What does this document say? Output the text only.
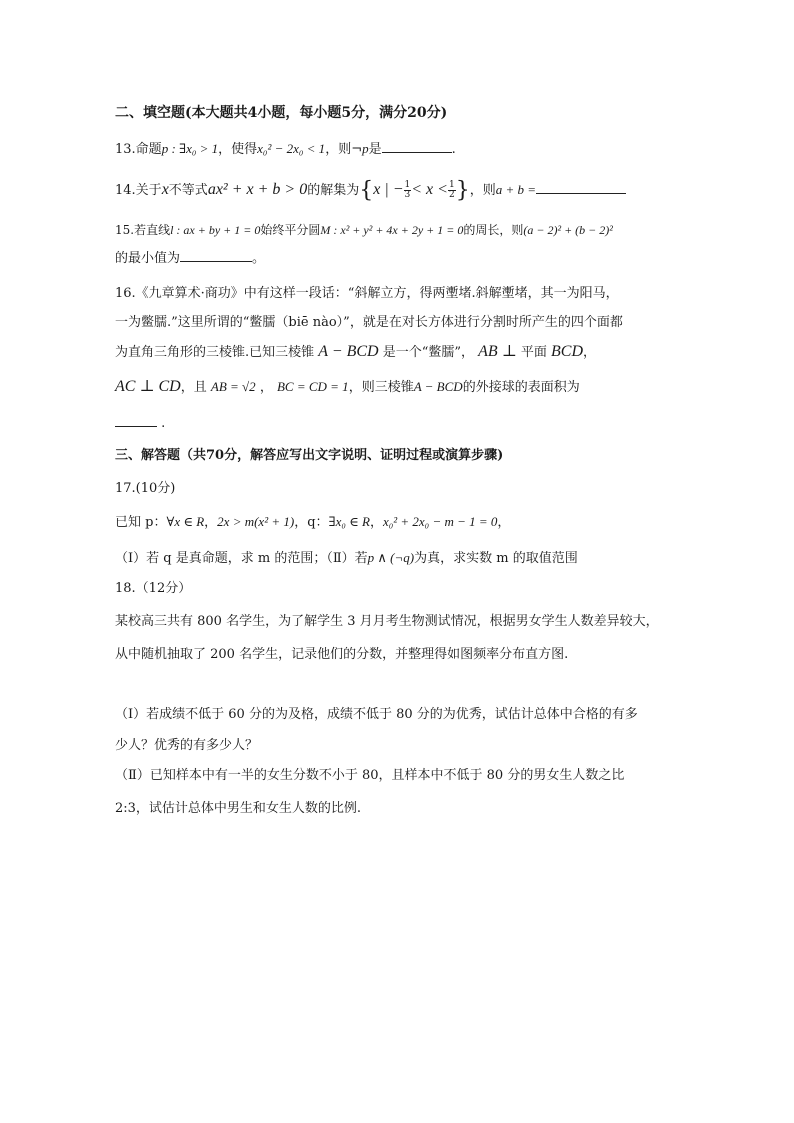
二、填空题(本大题共4小题，每小题5分，满分20分)
13.命题p : ∃x₀ > 1，使得x₀² − 2x₀ < 1，则¬p是	.
14.关于x不等式ax² + x + b > 0的解集为{x | − $\frac{1}{3} < x < \frac{1}{2}$ }，则a + b =
15.若直线l : ax + by + 1 = 0始终平分圆M : x² + y² + 4x + 2y + 1 = 0的周长，则(a − 2)² + (b − 2)²
的最小值为	。
16.《九章算术·商功》中有这样一段话：“斜解立方，得两壍堵.斜解壍堵，其一为阳马，
一为鳖臑.”这里所谓的“鳖臑（biē nào）”，就是在对长方体进行分割时所产生的四个面都
为直角三角形的三棱锥.已知三棱锥 A − BCD 是一个“鳖臑”， AB ⊥ 平面 BCD，
AC ⊥ CD，且 AB = √2 ， BC = CD = 1，则三棱锥A − BCD的外接球的表面积为
.
三、解答题（共70分，解答应写出文字说明、证明过程或演算步骤)
17.(10分)
已知 p：∀x ∈ R，2x > m(x² + 1)，q：∃x₀ ∈ R，x₀² + 2x₀ − m − 1 = 0，
（Ⅰ）若 q 是真命题，求 m 的范围；（Ⅱ）若p ∧ (¬q)为真，求实数 m 的取值范围
18.（12分）
某校高三共有 800 名学生，为了解学生 3 月月考生物测试情况，根据男女学生人数差异较大，
从中随机抽取了 200 名学生，记录他们的分数，并整理得如图频率分布直方图.
（Ⅰ）若成绩不低于 60 分的为及格，成绩不低于 80 分的为优秀，试估计总体中合格的有多
少人？优秀的有多少人？
（Ⅱ）已知样本中有一半的女生分数不小于 80，且样本中不低于 80 分的男女生人数之比
2:3，试估计总体中男生和女生人数的比例.
